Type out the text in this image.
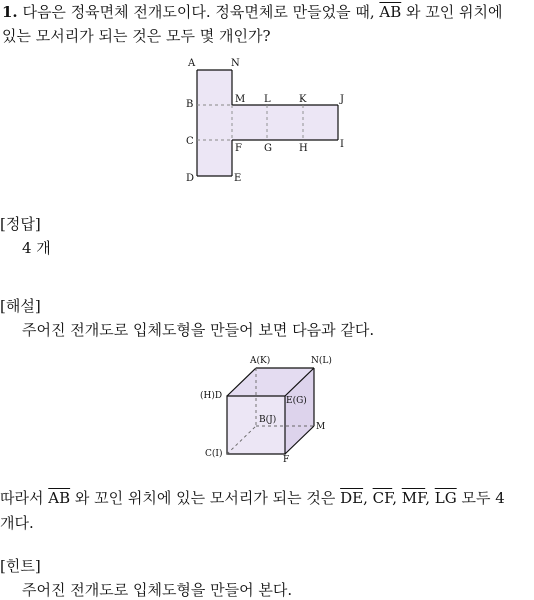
1. 다음은 정육면체 전개도이다. 정육면체로 만들었을 때, $\overline{AB}$ 와 꼬인 위치에
있는 모서리가 되는 것은 모두 몇 개인가?
A	N
B	M L	K	J
C
F G	H	I
D	E
[정답]
4 개
[해설]
주어진 전개도로 입체도형을 만들어 보면 다음과 같다.
A(K)	N(L)
(H)D	E(G)
B(J)
M
C(I)
F
따라서 $\overline{AB}$ 와 꼬인 위치에 있는 모서리가 되는 것은 $\overline{DE}$, $\overline{CF}$, $\overline{MF}$, $\overline{LG}$ 모두 4
개다.
[힌트]
주어진 전개도로 입체도형을 만들어 본다.
